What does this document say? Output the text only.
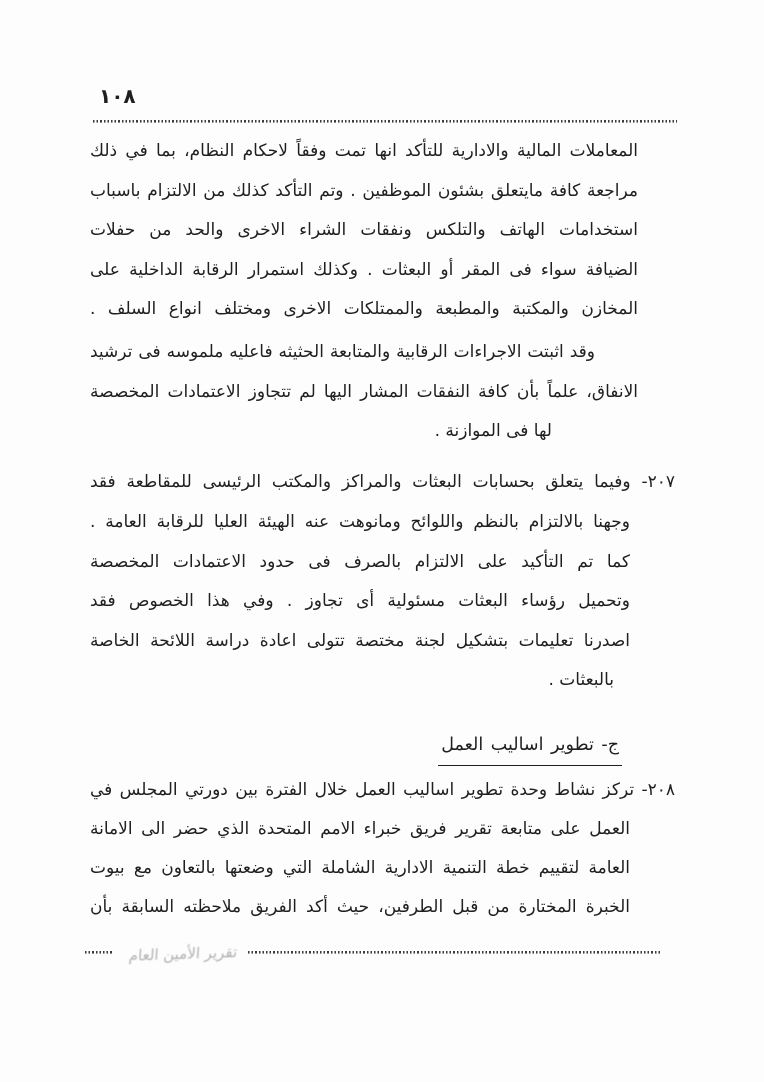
١٠٨
المعاملات المالية والادارية للتأكد انها تمت وفقاً لاحكام النظام، بما في ذلك
مراجعة كافة مايتعلق بشئون الموظفين . وتم التأكد كذلك من الالتزام باسباب
استخدامات الهاتف والتلكس ونفقات الشراء الاخرى والحد من حفلات
الضيافة سواء فى المقر أو البعثات . وكذلك استمرار الرقابة الداخلية على
المخازن والمكتبة والمطبعة والممتلكات الاخرى ومختلف انواع السلف .
وقد اثبتت الاجراءات الرقابية والمتابعة الحثيثه فاعليه ملموسه فى ترشيد
الانفاق، علماً بأن كافة النفقات المشار اليها لم تتجاوز الاعتمادات المخصصة
لها فى الموازنة .
٢٠٧- وفيما يتعلق بحسابات البعثات والمراكز والمكتب الرئيسى للمقاطعة فقد
وجهنا بالالتزام بالنظم واللوائح ومانوهت عنه الهيئة العليا للرقابة العامة .
كما تم التأكيد على الالتزام بالصرف فى حدود الاعتمادات المخصصة
وتحميل رؤساء البعثات مسئولية أى تجاوز . وفي هذا الخصوص فقد
اصدرنا تعليمات بتشكيل لجنة مختصة تتولى اعادة دراسة اللائحة الخاصة
بالبعثات .
ج- تطوير اساليب العمل
٢٠٨- تركز نشاط وحدة تطوير اساليب العمل خلال الفترة بين دورتي المجلس في
العمل على متابعة تقرير فريق خبراء الامم المتحدة الذي حضر الى الامانة
العامة لتقييم خطة التنمية الادارية الشاملة التي وضعتها بالتعاون مع بيوت
الخبرة المختارة من قبل الطرفين، حيث أكد الفريق ملاحظته السابقة بأن
تقرير الأمين العام
